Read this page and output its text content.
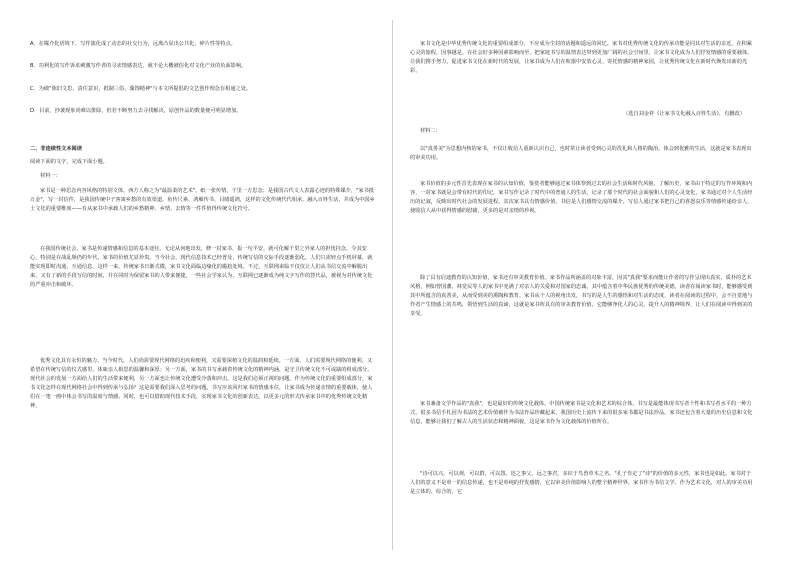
A．在媒介化语境下，写作演化成了动态的社交行为，远离凸显出公共化、碎片性等特点。

B．功利化的写作诉求刺激写作者的寻求情感表达，就不论大概被俗化对文化产业的负面影响。

C．为破"陈旧文思，责任意识，抵制三俗，藻饰精神"与本文所提倡的文艺创作理念有相通之处。

D．目前，抄袭现象尚难以排除，但若不断努力去寻找解决，原创作品的数量便可明显增加。

二、非连续性文本阅读

阅读下面的文字，完成下面小题。

材料一：

家书是一种思念内容风格的特别文体，西方人称之为"最温柔的艺术"。纸一张传情，千里一方思念；是我国古代文人表露心迹的特殊媒介，"家书抵万金"，写一封信件，是我国传统中子客寓乡愁的有效渠道。鱼传尺素、鸿雁传书、目睹遥鸿，这样的文化传统代代相承，融入百姓生活，并成为中国乡土文化的重要维度——有从家书中承载人们的乡愁精神、乡情、去情等一件件值得传统文化符号。

在我国传统社会，家书是传递情感和信息的基本途径。无论从何地出发，修一封家书、报一句平安，就可化解千里之外家人的担忧挂念，令其安心，特别是在战乱频仍的年代，家书的价值尤显珍贵。当今社会，现代信息技术已经普及，传统写信的交际手段逐渐弱化，人们只需轻点手机屏幕，就能实现即时沟通，互通信息，这样一来，传统家书日渐式微，家书文化面临边缘化的尴尬处境。不过，互联网来临不仅仅让人们从书信交流中解脱出来，又有了新的手段写信的时间，并在同时为保留家书的人带来便捷，一些社会学家认为，互联网已逐渐成为纯文字写作的替代品，被视为对传统文化的严重冲击和破坏。

优秀文化具有永恒的魅力。当今时代，人们尚需要现代网络的迅疾和便利，又需要深植文化的温润和延续。一方面，人们需要现代网络的便利，又希望在传统写信的仪式感里，体味亲人相思的温馨和深厚；另一方面，家书的书写承载着传统文化的精神内涵，是守卫传统文化不可或缺的组成部分。现代社会的发展一方面给人们的生活带来便利，另一方面也让传统文化遭受冷落和冲击，这是我们必须正视的问题。作为传统文化的重要组成部分，家书文化怎样在现代网络社会中得到传承与弘扬？这是需要我们深入思考的问题。书写应该回归家书的情感本位，让家书成为传递亲情的重要载体，使人们在一笔一画中体会书写的温度与情感。同时，也可以借助现代技术手段，实现家书文化的创新表达，以更多元的形式传承家书中的优秀传统文化精神。

家书文化是中华优秀传统文化的重要组成部分，不应成为尘封的话题和遥远的回忆。家书对优秀传统文化的传承功能是同其对生活的亲近，在积累心灵的旅程，因事越是。在社会好多种因素影响而至，把家庭书写的温情表达带到更加广阔的社会空间里，让家书文化成为人们抒发情感的重要载体。让我们携手努力，促进家书文化在新时代的发展，让家书成为人们在喧嚣中安放心灵、寄托情感的精神家园，让优秀传统文化在新时代焕发出新的光彩。

（选自刘金祥《让家书文化融入百姓生活》，有删改）

材料二：

以"真善美"为思想内核的家书，不仅让收信人重新认识自己，也时常让读者受到心灵的洗礼和人格的陶冶，体会到优雅的生活，这就是家书表现出的审美功用。

家书价值的多元性首先表现在家书的认知价值，鉴赏者能够通过家书体察到过去的社会生活和时代风貌，了解历史，家书由于特定的写作环境和内容，一封家书就是会带有时代的印记，家书写作记录了时代中的普通人的生活，记录了那个时代的社会面貌和人们的心灵变化，家书通过对个人生活经历的记叙，反映出时代社会的发展进程。其次家书具有情感价值，书信是人们感情交流的媒介，写信人通过家书把自己的喜怒哀乐等情感传递给亲人，使收信人从中获得情感的慰藉，更多的是对亲情的珍视。

除了具有启迪教育的认知价值，家书还有审美教育价值。家书作品所涵盖的对象丰富，因其"真我"要求而能让作者的写作呈现出真实、质朴的艺术风格，例如曾国藩、林觉民等人的家书中充满了对亲人的关爱和对国家的忠诚，其中蕴含着中华民族优秀的传统美德，读者在阅读家书时，能够感受到其中所蕴含的真善美，从而受到美的熏陶和教育。家书从个人的视角出发，书写的是人生的感悟和对生活的态度，读者在阅读的过程中，会不自觉地与作者产生情感上的共鸣，领悟到生活的真谛，这就是家书所具有的审美教育价值，它能够净化人的心灵，提升人的精神境界，让人们在阅读中得到美的享受。

家书兼备文学作品的"真我"，也是最好的传统文化载体。中国传统家书是文化和艺术的综合体，书写是最能体现书写者个性和书写者水平的一种方式，很多书信手札因为书法的艺术价值被作为书法作品珍藏起来，我国历史上流传下来的很多家书都是书法珍品。家书还包含着大量的历史信息和文化信息，能够让我们了解古人的生活状态和精神面貌，这是家书作为文化载体的价值所在。

"诗可以兴，可以观，可以群，可以怨。迩之事父，远之事君，多识于鸟兽草木之名。"孔子肯定了"诗"的价值的多元性，家书也是如此。家书对于人们的意义不是单一的信息传递，也不是单纯的抒发感情，它以审美价值影响人的整个精神世界。家书作为书信文学、作为艺术文化，对人的审美功用是立体的、综合的，它
